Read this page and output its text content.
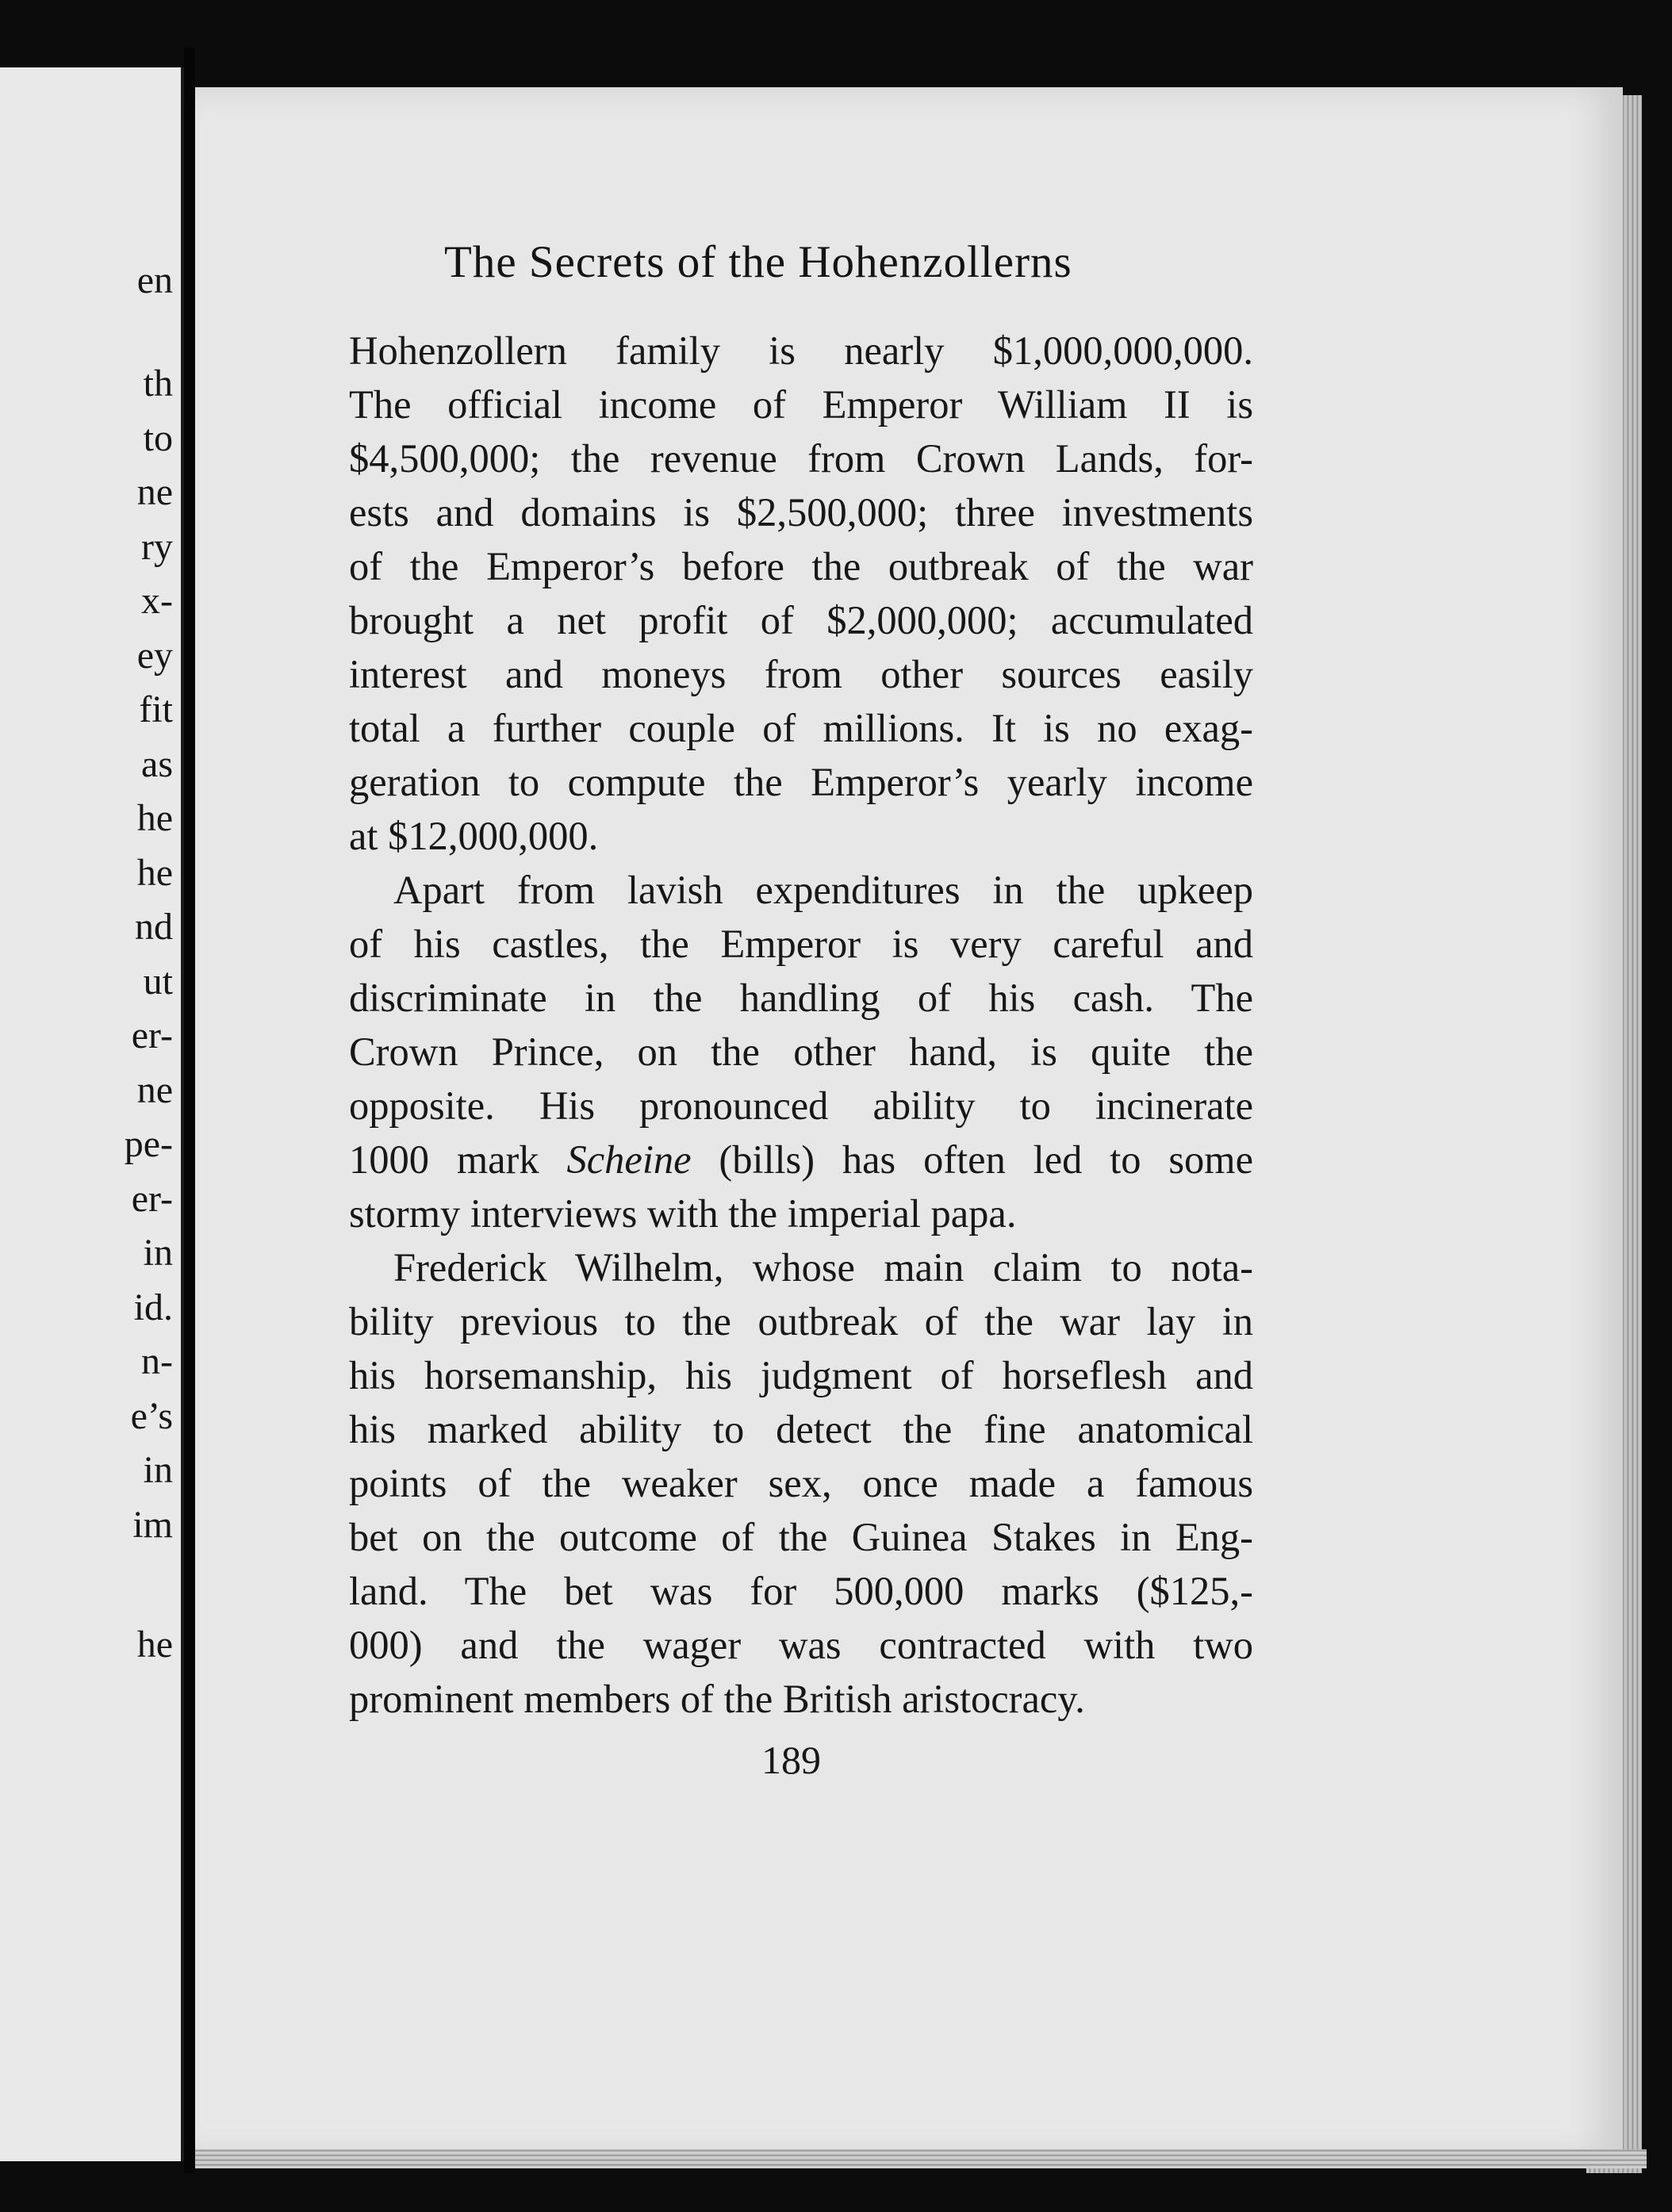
en
th
to
ne
ry
x-
ey
fit
as
he
he
nd
ut
er-
ne
pe-
er-
in
id.
n-
e’s
in
im
he
The Secrets of the Hohenzollerns
Hohenzollern family is nearly $1,000,000,000.
The official income of Emperor William II is
$4,500,000; the revenue from Crown Lands, for-
ests and domains is $2,500,000; three investments
of the Emperor’s before the outbreak of the war
brought a net profit of $2,000,000; accumulated
interest and moneys from other sources easily
total a further couple of millions. It is no exag-
geration to compute the Emperor’s yearly income
at $12,000,000.
Apart from lavish expenditures in the upkeep
of his castles, the Emperor is very careful and
discriminate in the handling of his cash. The
Crown Prince, on the other hand, is quite the
opposite. His pronounced ability to incinerate
1000 mark Scheine (bills) has often led to some
stormy interviews with the imperial papa.
Frederick Wilhelm, whose main claim to nota-
bility previous to the outbreak of the war lay in
his horsemanship, his judgment of horseflesh and
his marked ability to detect the fine anatomical
points of the weaker sex, once made a famous
bet on the outcome of the Guinea Stakes in Eng-
land. The bet was for 500,000 marks ($125,-
000) and the wager was contracted with two
prominent members of the British aristocracy.
189
